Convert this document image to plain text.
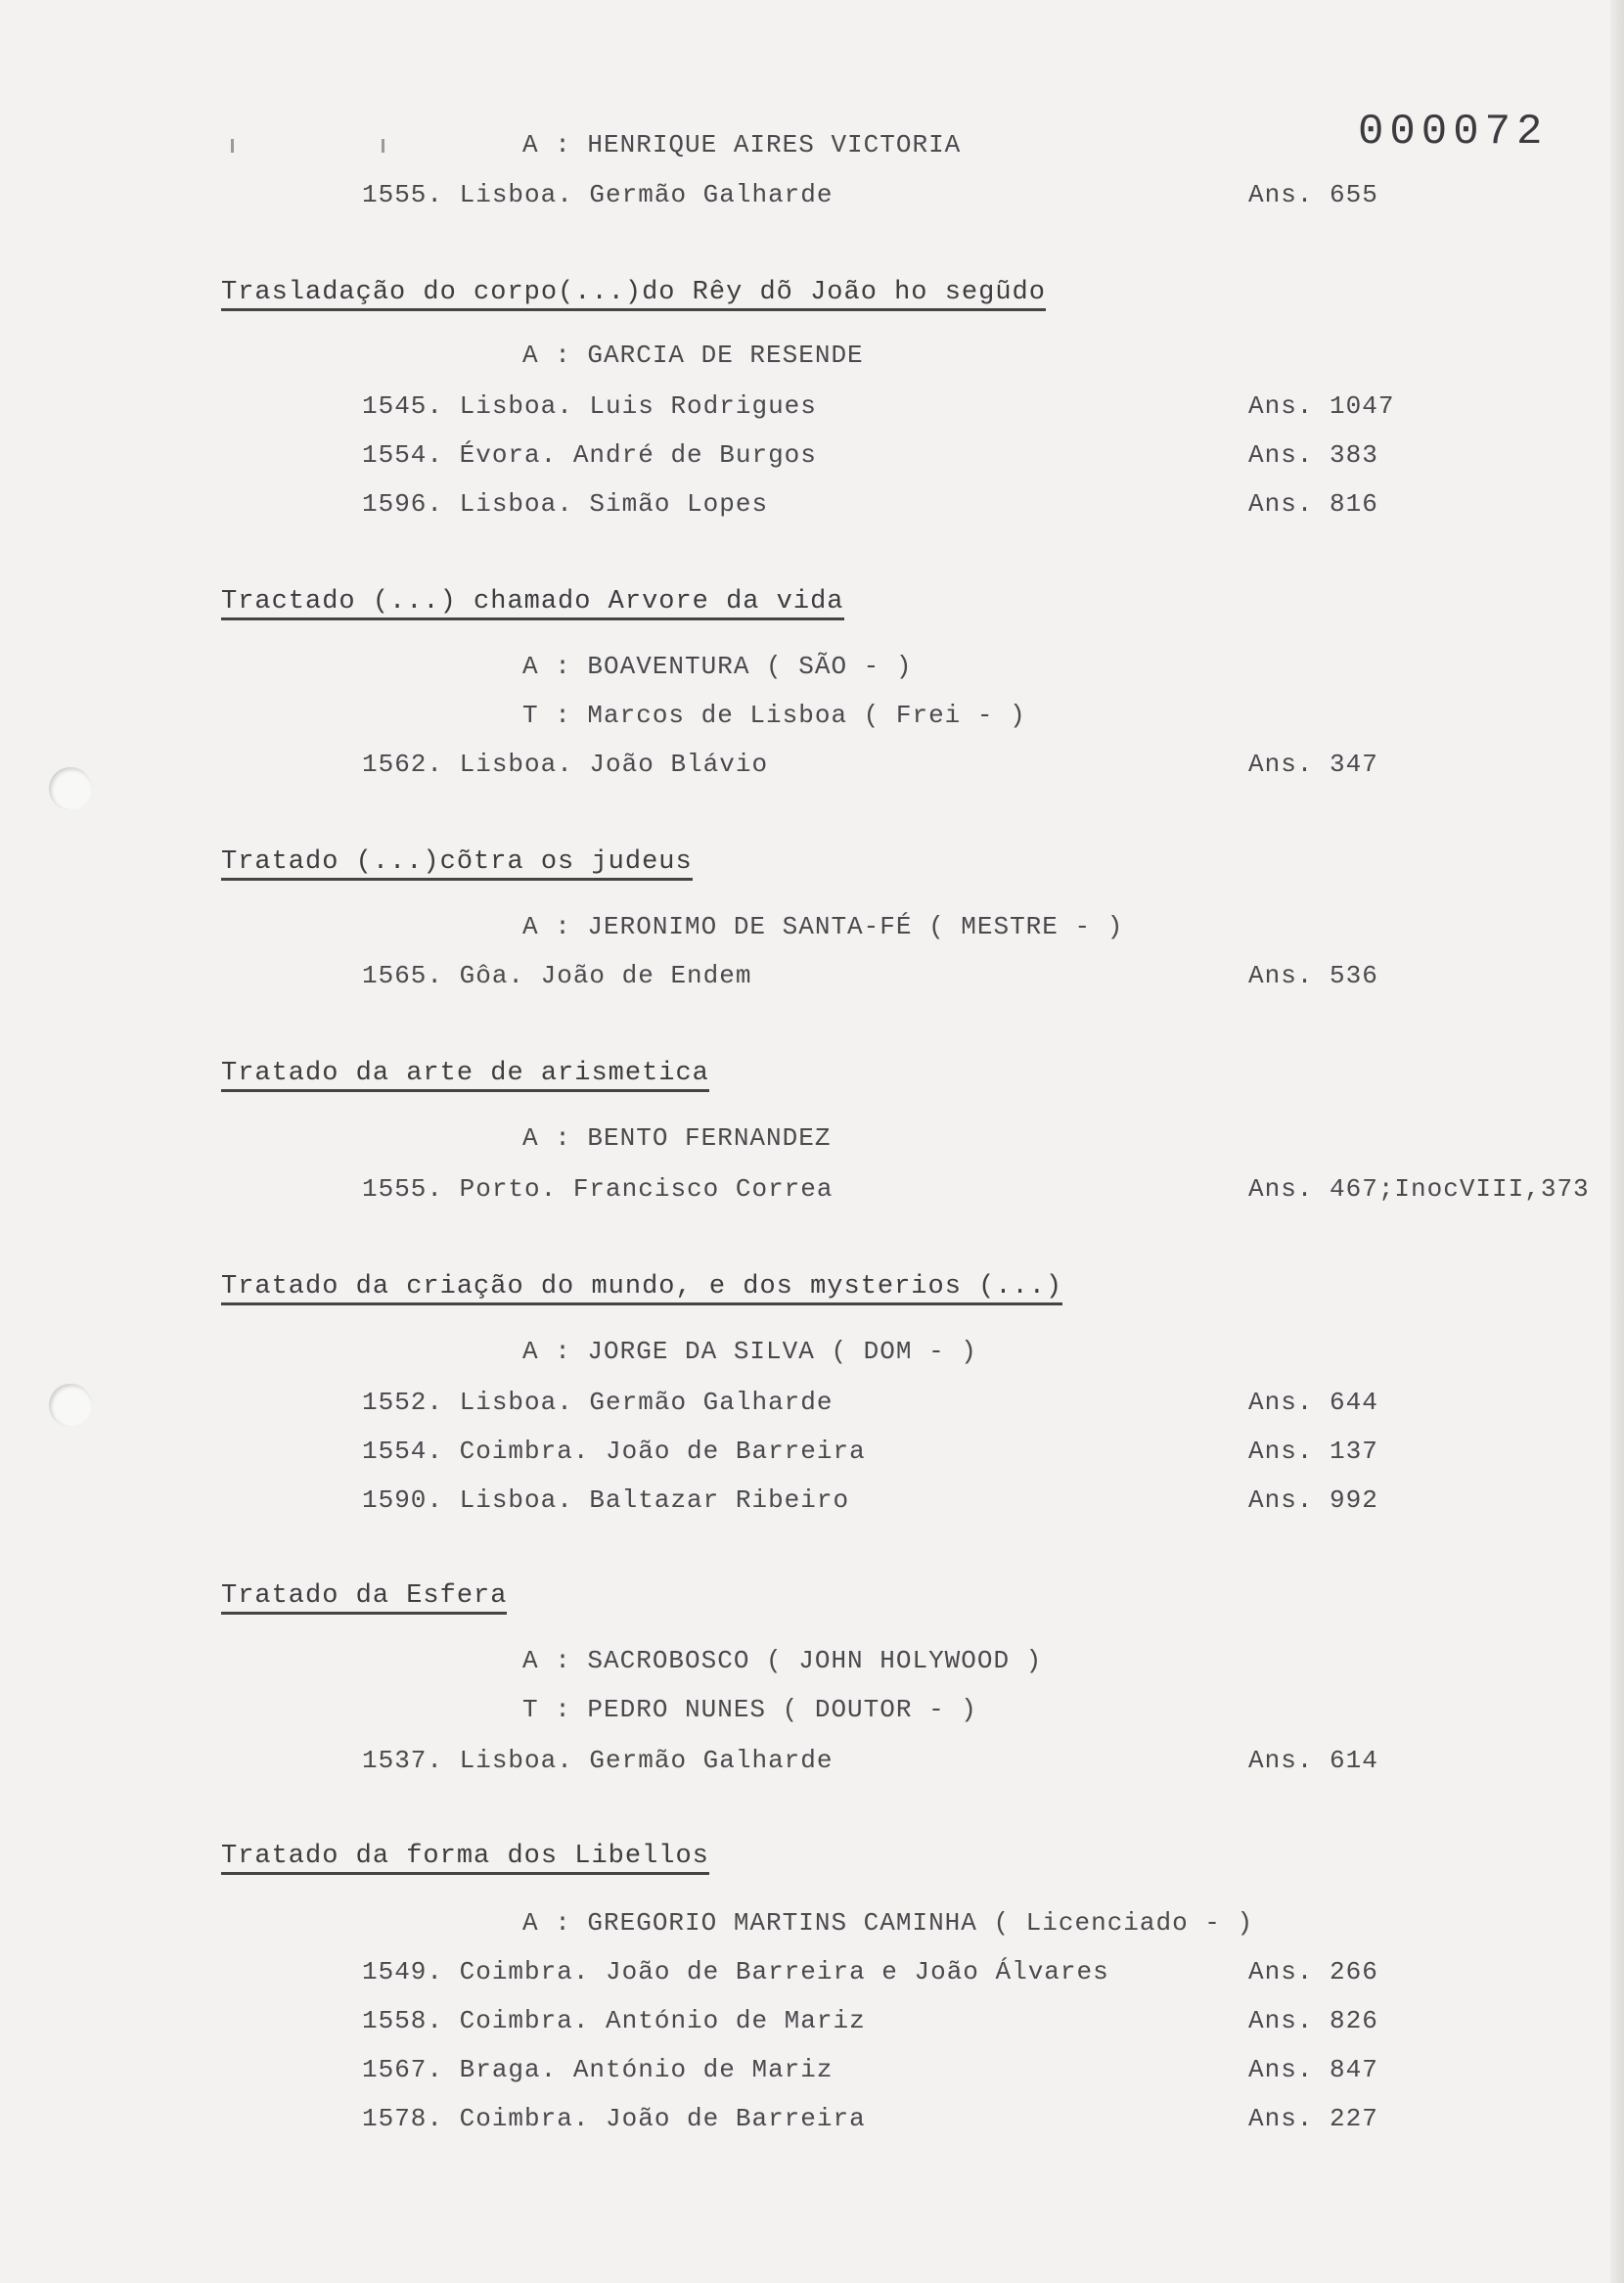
000072
A : HENRIQUE AIRES VICTORIA
1555. Lisboa. Germão Galharde	Ans. 655
Trasladação do corpo(...)do Rêy dõ João ho segũdo
A : GARCIA DE RESENDE
1545. Lisboa. Luis Rodrigues	Ans. 1047
1554. Évora. André de Burgos	Ans. 383
1596. Lisboa. Simão Lopes	Ans. 816
Tractado (...) chamado Arvore da vida
A : BOAVENTURA ( SÃO - )
T : Marcos de Lisboa ( Frei - )
1562. Lisboa. João Blávio	Ans. 347
Tratado (...)cõtra os judeus
A : JERONIMO DE SANTA-FÉ ( MESTRE - )
1565. Gôa. João de Endem	Ans. 536
Tratado da arte de arismetica
A : BENTO FERNANDEZ
1555. Porto. Francisco Correa	Ans. 467;InocVIII,373
Tratado da criação do mundo, e dos mysterios (...)
A : JORGE DA SILVA ( DOM - )
1552. Lisboa. Germão Galharde	Ans. 644
1554. Coimbra. João de Barreira	Ans. 137
1590. Lisboa. Baltazar Ribeiro	Ans. 992
Tratado da Esfera
A : SACROBOSCO ( JOHN HOLYWOOD )
T : PEDRO NUNES ( DOUTOR - )
1537. Lisboa. Germão Galharde	Ans. 614
Tratado da forma dos Libellos
A : GREGORIO MARTINS CAMINHA ( Licenciado - )
1549. Coimbra. João de Barreira e João Álvares	Ans. 266
1558. Coimbra. António de Mariz	Ans. 826
1567. Braga. António de Mariz	Ans. 847
1578. Coimbra. João de Barreira	Ans. 227
